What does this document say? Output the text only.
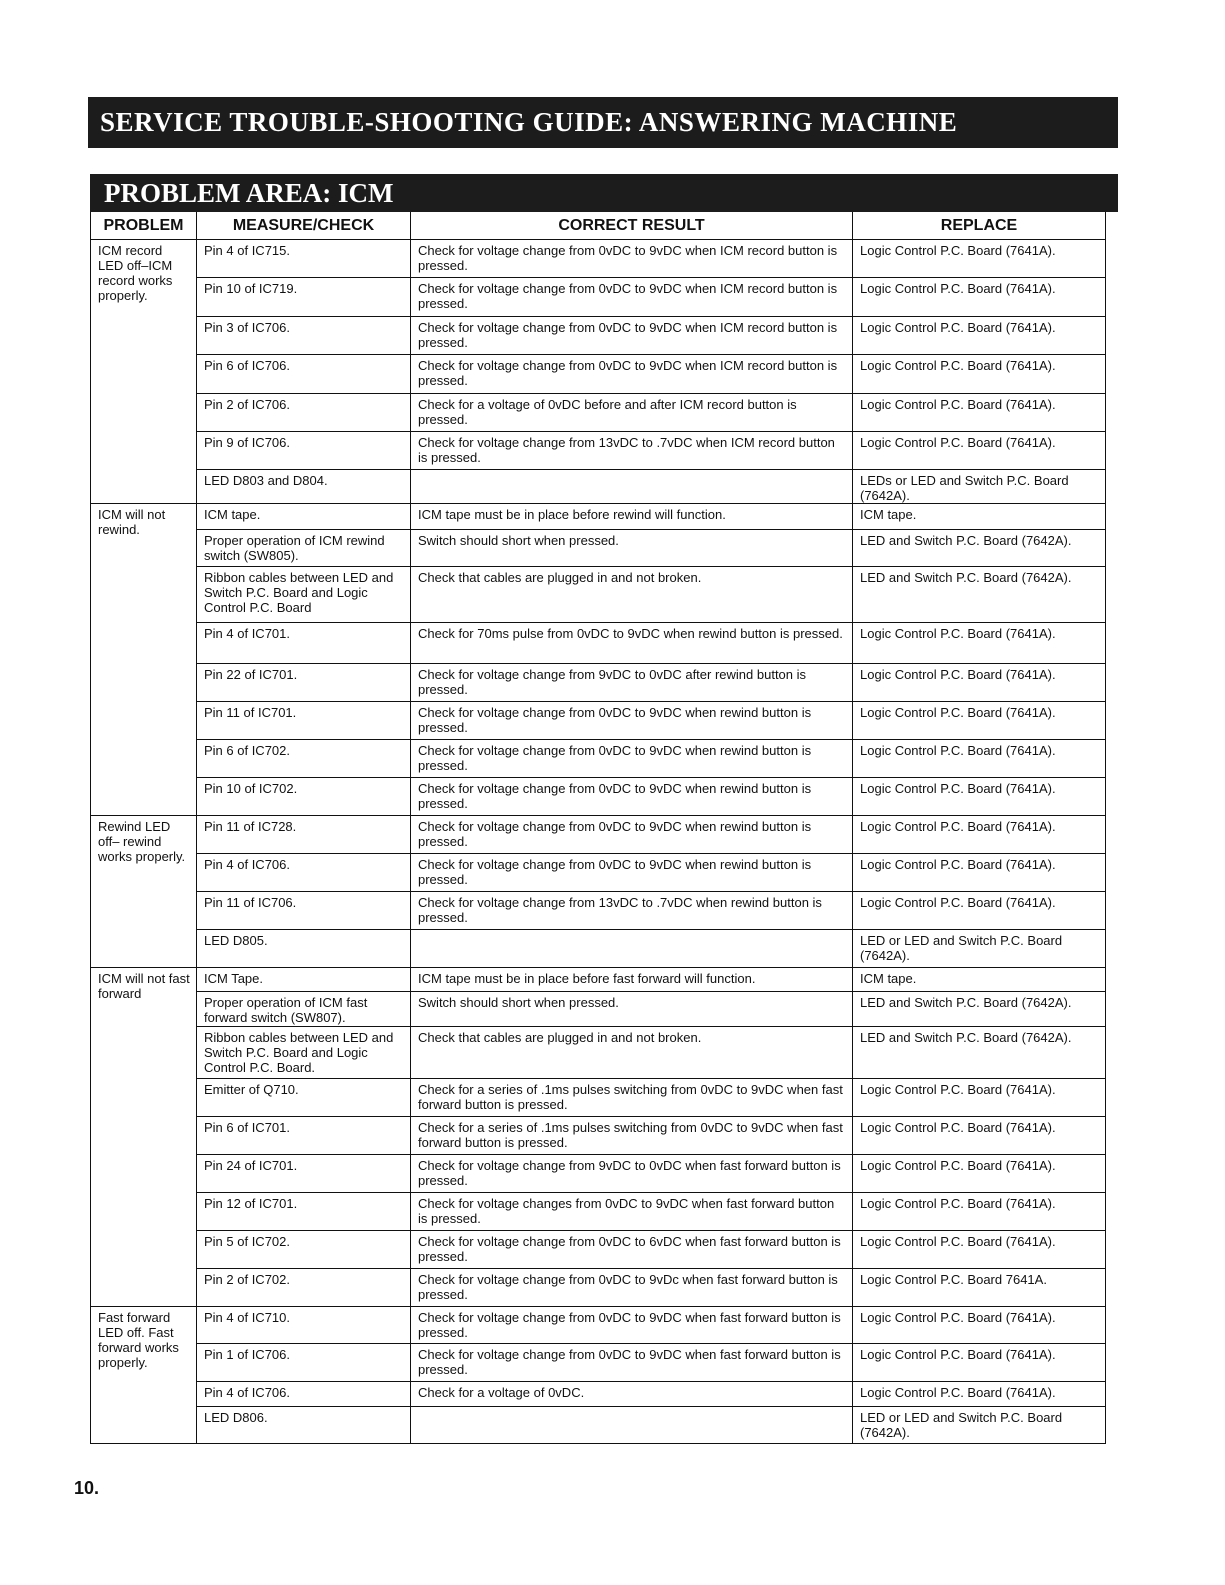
SERVICE TROUBLE-SHOOTING GUIDE: ANSWERING MACHINE
PROBLEM AREA: ICM
PROBLEM	MEASURE/CHECK	CORRECT RESULT	REPLACE
ICM record LED off–ICM record works properly.	Pin 4 of IC715.	Check for voltage change from 0vDC to 9vDC when ICM record button is pressed.	Logic Control P.C. Board (7641A).
	Pin 10 of IC719.	Check for voltage change from 0vDC to 9vDC when ICM record button is pressed.	Logic Control P.C. Board (7641A).
	Pin 3 of IC706.	Check for voltage change from 0vDC to 9vDC when ICM record button is pressed.	Logic Control P.C. Board (7641A).
	Pin 6 of IC706.	Check for voltage change from 0vDC to 9vDC when ICM record button is pressed.	Logic Control P.C. Board (7641A).
	Pin 2 of IC706.	Check for a voltage of 0vDC before and after ICM record button is pressed.	Logic Control P.C. Board (7641A).
	Pin 9 of IC706.	Check for voltage change from 13vDC to .7vDC when ICM record button is pressed.	Logic Control P.C. Board (7641A).
	LED D803 and D804.		LEDs or LED and Switch P.C. Board (7642A).
ICM will not rewind.	ICM tape.	ICM tape must be in place before rewind will function.	ICM tape.
	Proper operation of ICM rewind switch (SW805).	Switch should short when pressed.	LED and Switch P.C. Board (7642A).
	Ribbon cables between LED and Switch P.C. Board and Logic Control P.C. Board	Check that cables are plugged in and not broken.	LED and Switch P.C. Board (7642A).
	Pin 4 of IC701.	Check for 70ms pulse from 0vDC to 9vDC when rewind button is pressed.	Logic Control P.C. Board (7641A).
	Pin 22 of IC701.	Check for voltage change from 9vDC to 0vDC after rewind button is pressed.	Logic Control P.C. Board (7641A).
	Pin 11 of IC701.	Check for voltage change from 0vDC to 9vDC when rewind button is pressed.	Logic Control P.C. Board (7641A).
	Pin 6 of IC702.	Check for voltage change from 0vDC to 9vDC when rewind button is pressed.	Logic Control P.C. Board (7641A).
	Pin 10 of IC702.	Check for voltage change from 0vDC to 9vDC when rewind button is pressed.	Logic Control P.C. Board (7641A).
Rewind LED off– rewind works properly.	Pin 11 of IC728.	Check for voltage change from 0vDC to 9vDC when rewind button is pressed.	Logic Control P.C. Board (7641A).
	Pin 4 of IC706.	Check for voltage change from 0vDC to 9vDC when rewind button is pressed.	Logic Control P.C. Board (7641A).
	Pin 11 of IC706.	Check for voltage change from 13vDC to .7vDC when rewind button is pressed.	Logic Control P.C. Board (7641A).
	LED D805.		LED or LED and Switch P.C. Board (7642A).
ICM will not fast forward	ICM Tape.	ICM tape must be in place before fast forward will function.	ICM tape.
	Proper operation of ICM fast forward switch (SW807).	Switch should short when pressed.	LED and Switch P.C. Board (7642A).
	Ribbon cables between LED and Switch P.C. Board and Logic Control P.C. Board.	Check that cables are plugged in and not broken.	LED and Switch P.C. Board (7642A).
	Emitter of Q710.	Check for a series of .1ms pulses switching from 0vDC to 9vDC when fast forward button is pressed.	Logic Control P.C. Board (7641A).
	Pin 6 of IC701.	Check for a series of .1ms pulses switching from 0vDC to 9vDC when fast forward button is pressed.	Logic Control P.C. Board (7641A).
	Pin 24 of IC701.	Check for voltage change from 9vDC to 0vDC when fast forward button is pressed.	Logic Control P.C. Board (7641A).
	Pin 12 of IC701.	Check for voltage changes from 0vDC to 9vDC when fast forward button is pressed.	Logic Control P.C. Board (7641A).
	Pin 5 of IC702.	Check for voltage change from 0vDC to 6vDC when fast forward button is pressed.	Logic Control P.C. Board (7641A).
	Pin 2 of IC702.	Check for voltage change from 0vDC to 9vDc when fast forward button is pressed.	Logic Control P.C. Board 7641A.
Fast forward LED off. Fast forward works properly.	Pin 4 of IC710.	Check for voltage change from 0vDC to 9vDC when fast forward button is pressed.	Logic Control P.C. Board (7641A).
	Pin 1 of IC706.	Check for voltage change from 0vDC to 9vDC when fast forward button is pressed.	Logic Control P.C. Board (7641A).
	Pin 4 of IC706.	Check for a voltage of 0vDC.	Logic Control P.C. Board (7641A).
	LED D806.		LED or LED and Switch P.C. Board (7642A).
10.
